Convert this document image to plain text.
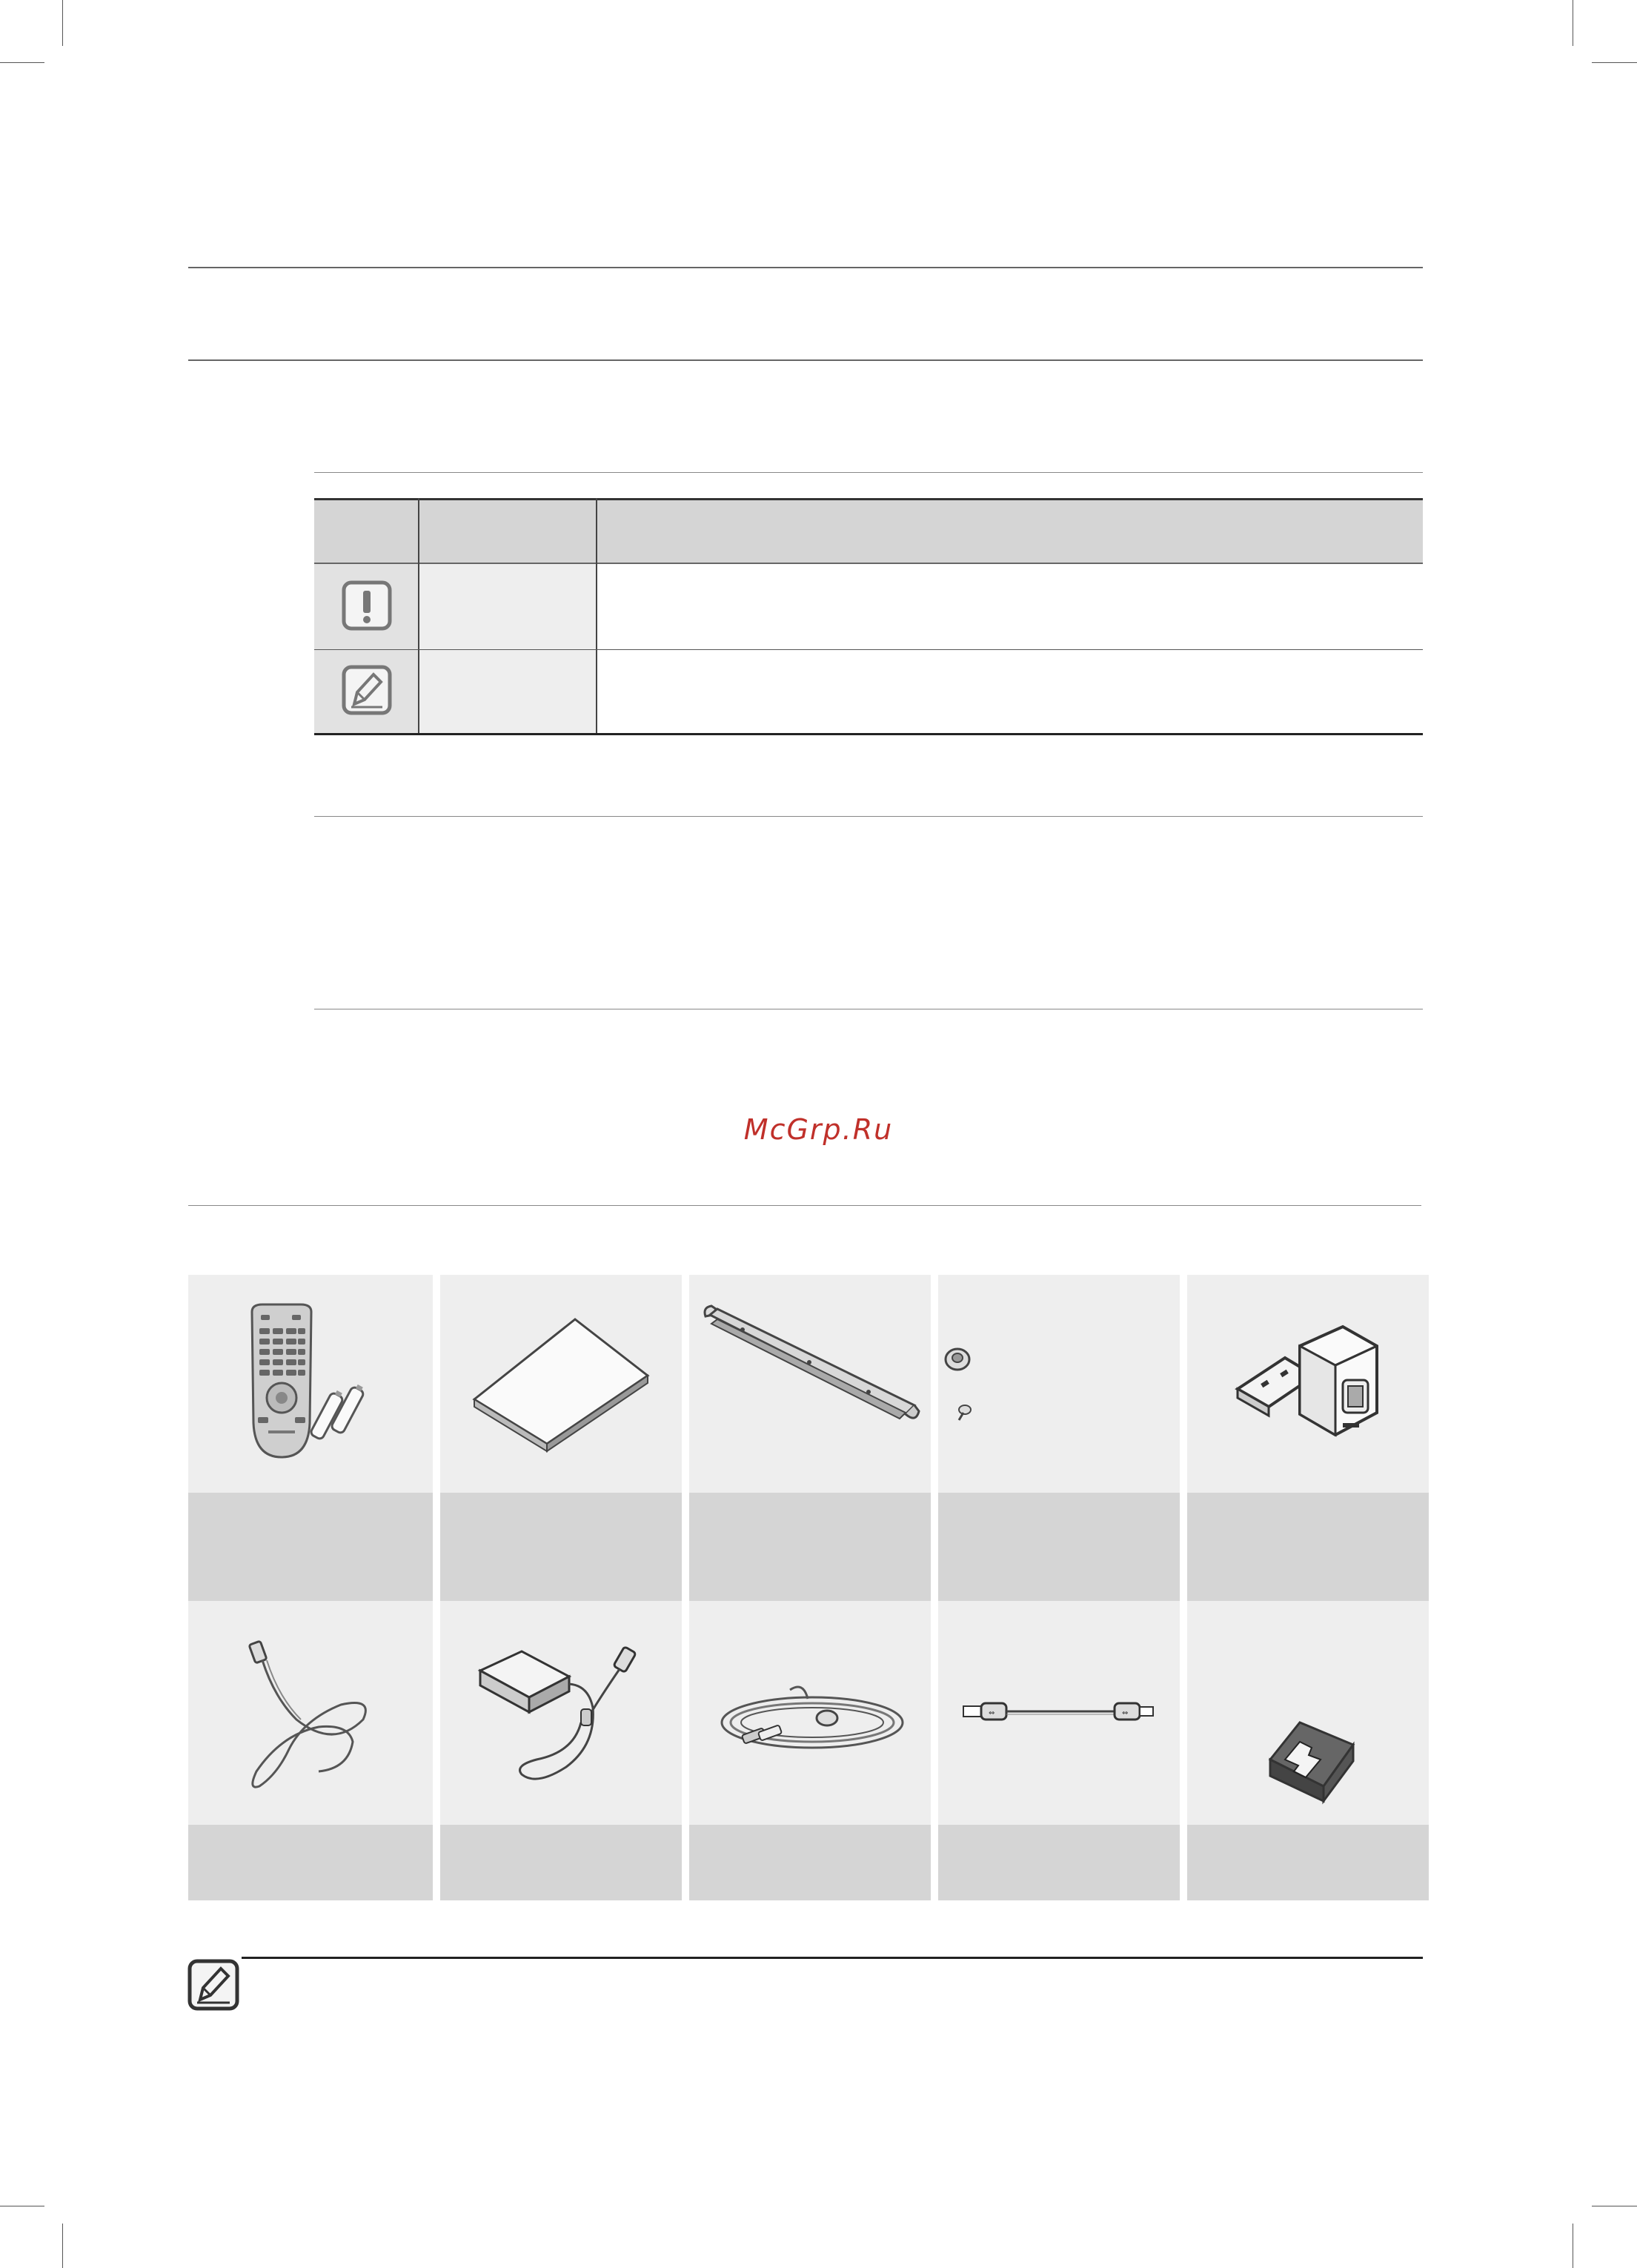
McGrp.Ru
⇔	⇔
